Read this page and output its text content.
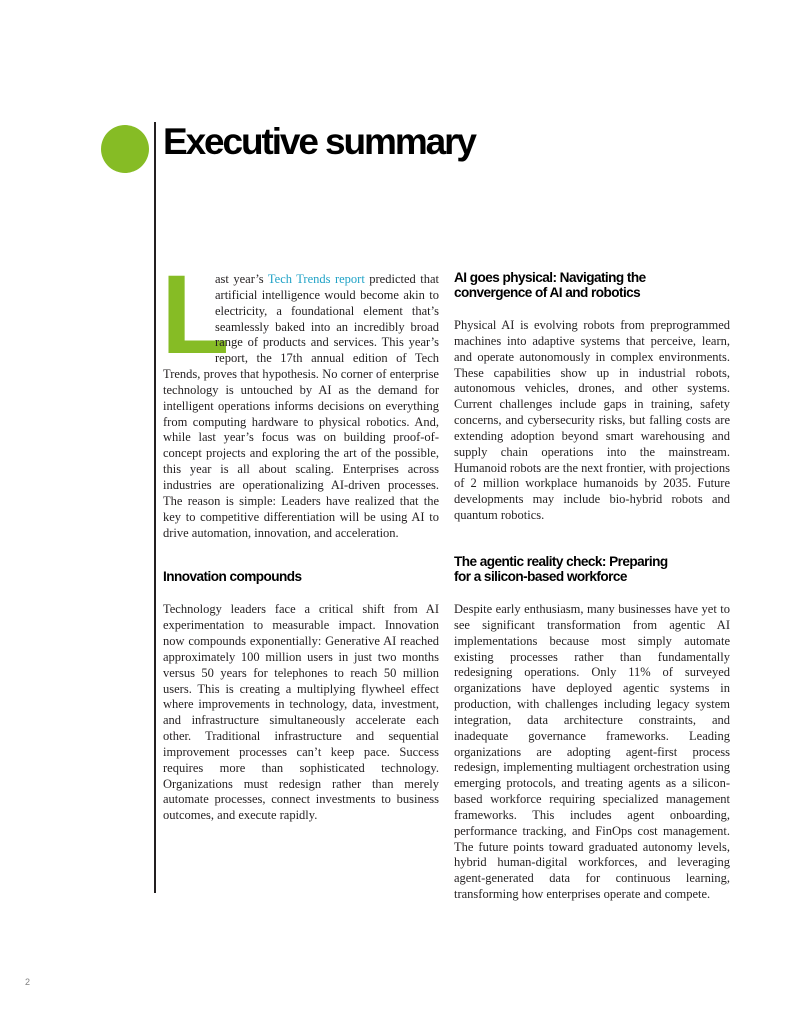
Executive summary

L
ast year’s Tech Trends report predicted that artificial intelligence would become akin to electricity, a foundational element that’s seamlessly baked into an incredibly broad range of products and services. This year’s report, the 17th annual edition of Tech Trends, proves that hypothesis. No corner of enterprise technology is untouched by AI as the demand for intelligent operations informs decisions on everything from computing hardware to physical robotics. And, while last year’s focus was on building proof-of-concept projects and exploring the art of the possible, this year is all about scaling. Enterprises across industries are operationalizing AI-driven processes. The reason is simple: Leaders have realized that the key to competitive differentiation will be using AI to drive automation, innovation, and acceleration.

Innovation compounds

Technology leaders face a critical shift from AI experimentation to measurable impact. Innovation now compounds exponentially: Generative AI reached approximately 100 million users in just two months versus 50 years for telephones to reach 50 million users. This is creating a multiplying flywheel effect where improvements in technology, data, investment, and infrastructure simultaneously accelerate each other. Traditional infrastructure and sequential improvement processes can’t keep pace. Success requires more than sophisticated technology. Organizations must redesign rather than merely automate processes, connect investments to business outcomes, and execute rapidly.

AI goes physical: Navigating the
convergence of AI and robotics

Physical AI is evolving robots from preprogrammed machines into adaptive systems that perceive, learn, and operate autonomously in complex environments. These capabilities show up in industrial robots, autonomous vehicles, drones, and other systems. Current challenges include gaps in training, safety concerns, and cybersecurity risks, but falling costs are extending adoption beyond smart warehousing and supply chain operations into the mainstream. Humanoid robots are the next frontier, with projections of 2 million workplace humanoids by 2035. Future developments may include bio-hybrid robots and quantum robotics.

The agentic reality check: Preparing
for a silicon-based workforce

Despite early enthusiasm, many businesses have yet to see significant transformation from agentic AI implementations because most simply automate existing processes rather than fundamentally redesigning operations. Only 11% of surveyed organizations have deployed agentic systems in production, with challenges including legacy system integration, data architecture constraints, and inadequate governance frameworks. Leading organizations are adopting agent-first process redesign, implementing multiagent orchestration using emerging protocols, and treating agents as a silicon-based workforce requiring specialized management frameworks. This includes agent onboarding, performance tracking, and FinOps cost management. The future points toward graduated autonomy levels, hybrid human-digital workforces, and leveraging agent-generated data for continuous learning, transforming how enterprises operate and compete.

2
